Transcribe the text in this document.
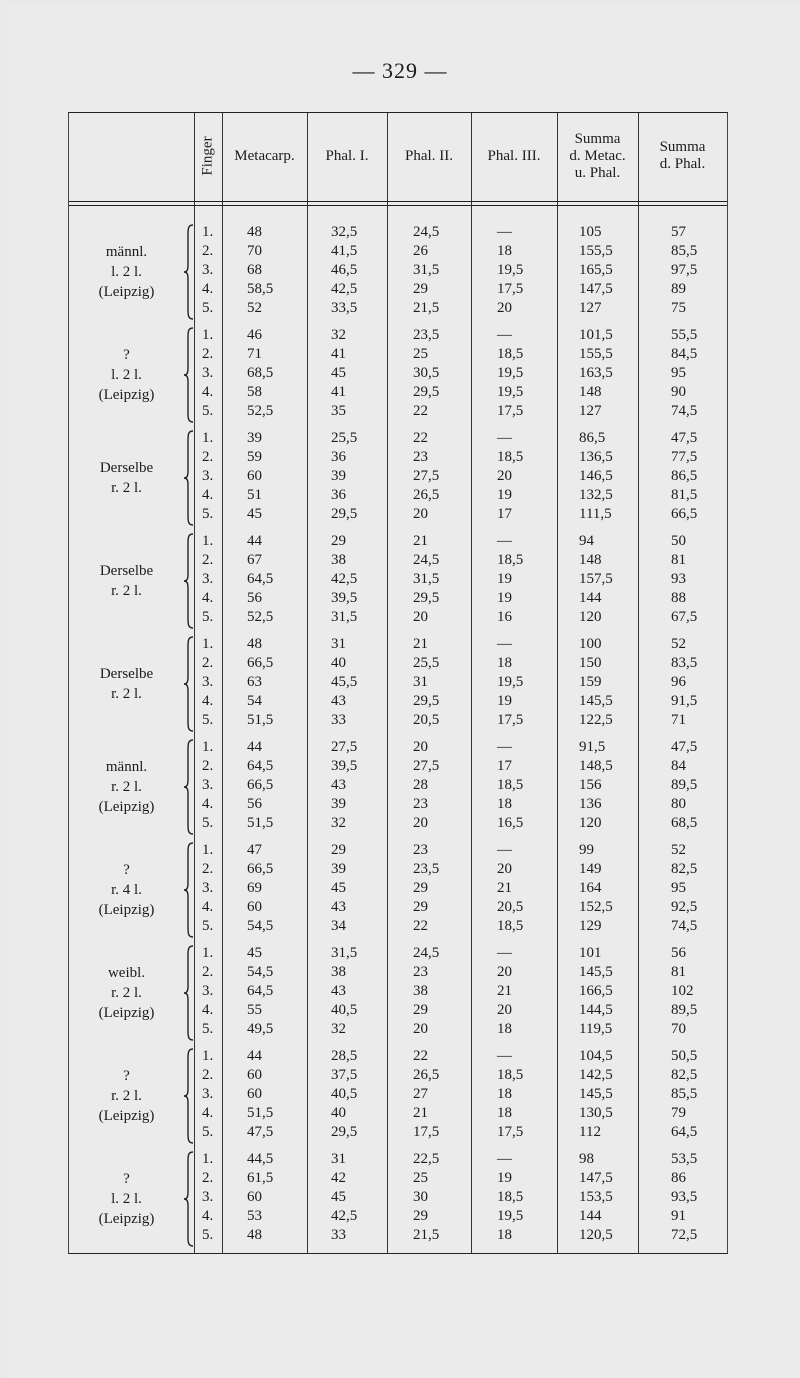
— 329 —
Finger	Metacarp.	Phal. I.	Phal. II.	Phal. III.
Summa
d. Metac.
u. Phal.
Summa
d. Phal.
männl.
l. 2 l.
(Leipzig)
1. 48	32,5	24,5	—	105	57
2. 70	41,5	26	18	155,5	85,5
3. 68	46,5	31,5	19,5	165,5	97,5
4. 58,5	42,5	29	17,5	147,5	89
5. 52	33,5	21,5	20	127	75
?
l. 2 l.
(Leipzig)
1. 46	32	23,5	—	101,5	55,5
2. 71	41	25	18,5	155,5	84,5
3. 68,5	45	30,5	19,5	163,5	95
4. 58	41	29,5	19,5	148	90
5. 52,5	35	22	17,5	127	74,5
Derselbe
r. 2 l.
1. 39	25,5	22	—	86,5	47,5
2. 59	36	23	18,5	136,5	77,5
3. 60	39	27,5	20	146,5	86,5
4. 51	36	26,5	19	132,5	81,5
5. 45	29,5	20	17	111,5	66,5
Derselbe
r. 2 l.
1. 44	29	21	—	94	50
2. 67	38	24,5	18,5	148	81
3. 64,5	42,5	31,5	19	157,5	93
4. 56	39,5	29,5	19	144	88
5. 52,5	31,5	20	16	120	67,5
Derselbe
r. 2 l.
1. 48	31	21	—	100	52
2. 66,5	40	25,5	18	150	83,5
3. 63	45,5	31	19,5	159	96
4. 54	43	29,5	19	145,5	91,5
5. 51,5	33	20,5	17,5	122,5	71
männl.
r. 2 l.
(Leipzig)
1. 44	27,5	20	—	91,5	47,5
2. 64,5	39,5	27,5	17	148,5	84
3. 66,5	43	28	18,5	156	89,5
4. 56	39	23	18	136	80
5. 51,5	32	20	16,5	120	68,5
?
r. 4 l.
(Leipzig)
1. 47	29	23	—	99	52
2. 66,5	39	23,5	20	149	82,5
3. 69	45	29	21	164	95
4. 60	43	29	20,5	152,5	92,5
5. 54,5	34	22	18,5	129	74,5
weibl.
r. 2 l.
(Leipzig)
1. 45	31,5	24,5	—	101	56
2. 54,5	38	23	20	145,5	81
3. 64,5	43	38	21	166,5	102
4. 55	40,5	29	20	144,5	89,5
5. 49,5	32	20	18	119,5	70
?
r. 2 l.
(Leipzig)
1. 44	28,5	22	—	104,5	50,5
2. 60	37,5	26,5	18,5	142,5	82,5
3. 60	40,5	27	18	145,5	85,5
4. 51,5	40	21	18	130,5	79
5. 47,5	29,5	17,5	17,5	112	64,5
?
l. 2 l.
(Leipzig)
1. 44,5	31	22,5	—	98	53,5
2. 61,5	42	25	19	147,5	86
3. 60	45	30	18,5	153,5	93,5
4. 53	42,5	29	19,5	144	91
5. 48	33	21,5	18	120,5	72,5
